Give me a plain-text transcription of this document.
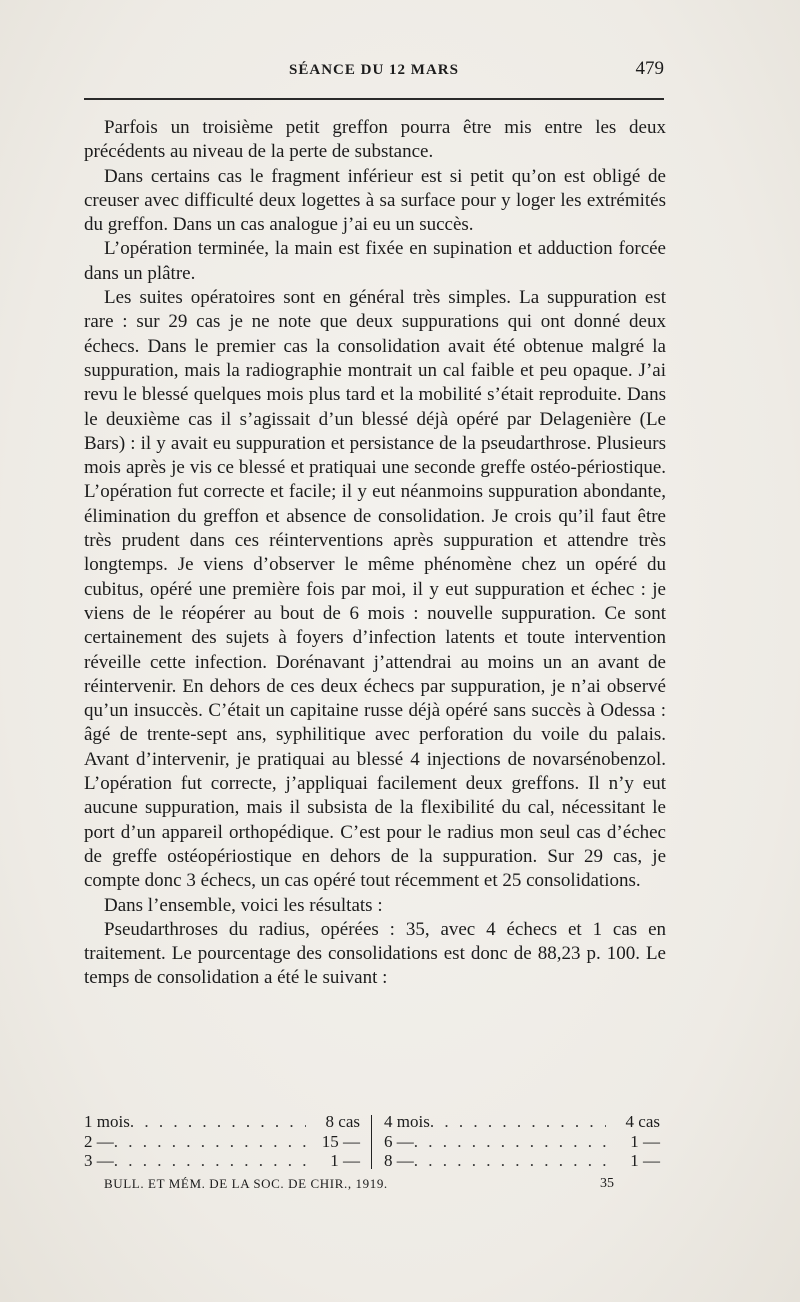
SÉANCE DU 12 MARS	479

Parfois un troisième petit greffon pourra être mis entre les deux précédents au niveau de la perte de substance.

Dans certains cas le fragment inférieur est si petit qu’on est obligé de creuser avec difficulté deux logettes à sa surface pour y loger les extrémités du greffon. Dans un cas analogue j’ai eu un succès.

L’opération terminée, la main est fixée en supination et adduction forcée dans un plâtre.

Les suites opératoires sont en général très simples. La suppuration est rare : sur 29 cas je ne note que deux suppurations qui ont donné deux échecs. Dans le premier cas la consolidation avait été obtenue malgré la suppuration, mais la radiographie montrait un cal faible et peu opaque. J’ai revu le blessé quelques mois plus tard et la mobilité s’était reproduite. Dans le deuxième cas il s’agissait d’un blessé déjà opéré par Delagenière (Le Bars) : il y avait eu suppuration et persistance de la pseudarthrose. Plusieurs mois après je vis ce blessé et pratiquai une seconde greffe ostéo-périostique. L’opération fut correcte et facile; il y eut néanmoins suppuration abondante, élimination du greffon et absence de consolidation. Je crois qu’il faut être très prudent dans ces réinterventions après suppuration et attendre très longtemps. Je viens d’observer le même phénomène chez un opéré du cubitus, opéré une première fois par moi, il y eut suppuration et échec : je viens de le réopérer au bout de 6 mois : nouvelle suppuration. Ce sont certainement des sujets à foyers d’infection latents et toute intervention réveille cette infection. Dorénavant j’attendrai au moins un an avant de réintervenir. En dehors de ces deux échecs par suppuration, je n’ai observé qu’un insuccès. C’était un capitaine russe déjà opéré sans succès à Odessa : âgé de trente-sept ans, syphilitique avec perforation du voile du palais. Avant d’intervenir, je pratiquai au blessé 4 injections de novarsénobenzol. L’opération fut correcte, j’appliquai facilement deux greffons. Il n’y eut aucune suppuration, mais il subsista de la flexibilité du cal, nécessitant le port d’un appareil orthopédique. C’est pour le radius mon seul cas d’échec de greffe ostéopériostique en dehors de la suppuration. Sur 29 cas, je compte donc 3 échecs, un cas opéré tout récemment et 25 consolidations.

Dans l’ensemble, voici les résultats :

Pseudarthroses du radius, opérées : 35, avec 4 échecs et 1 cas en traitement. Le pourcentage des consolidations est donc de 88,23 p. 100. Le temps de consolidation a été le suivant :

1 mois . . .	8 cas
2 — . . .	15 —
3 — . . .	1 —
4 mois . . .	4 cas
6 — . . .	1 —
8 — . . .	1 —
BULL. ET MÉM. DE LA SOC. DE CHIR., 1919.	35
